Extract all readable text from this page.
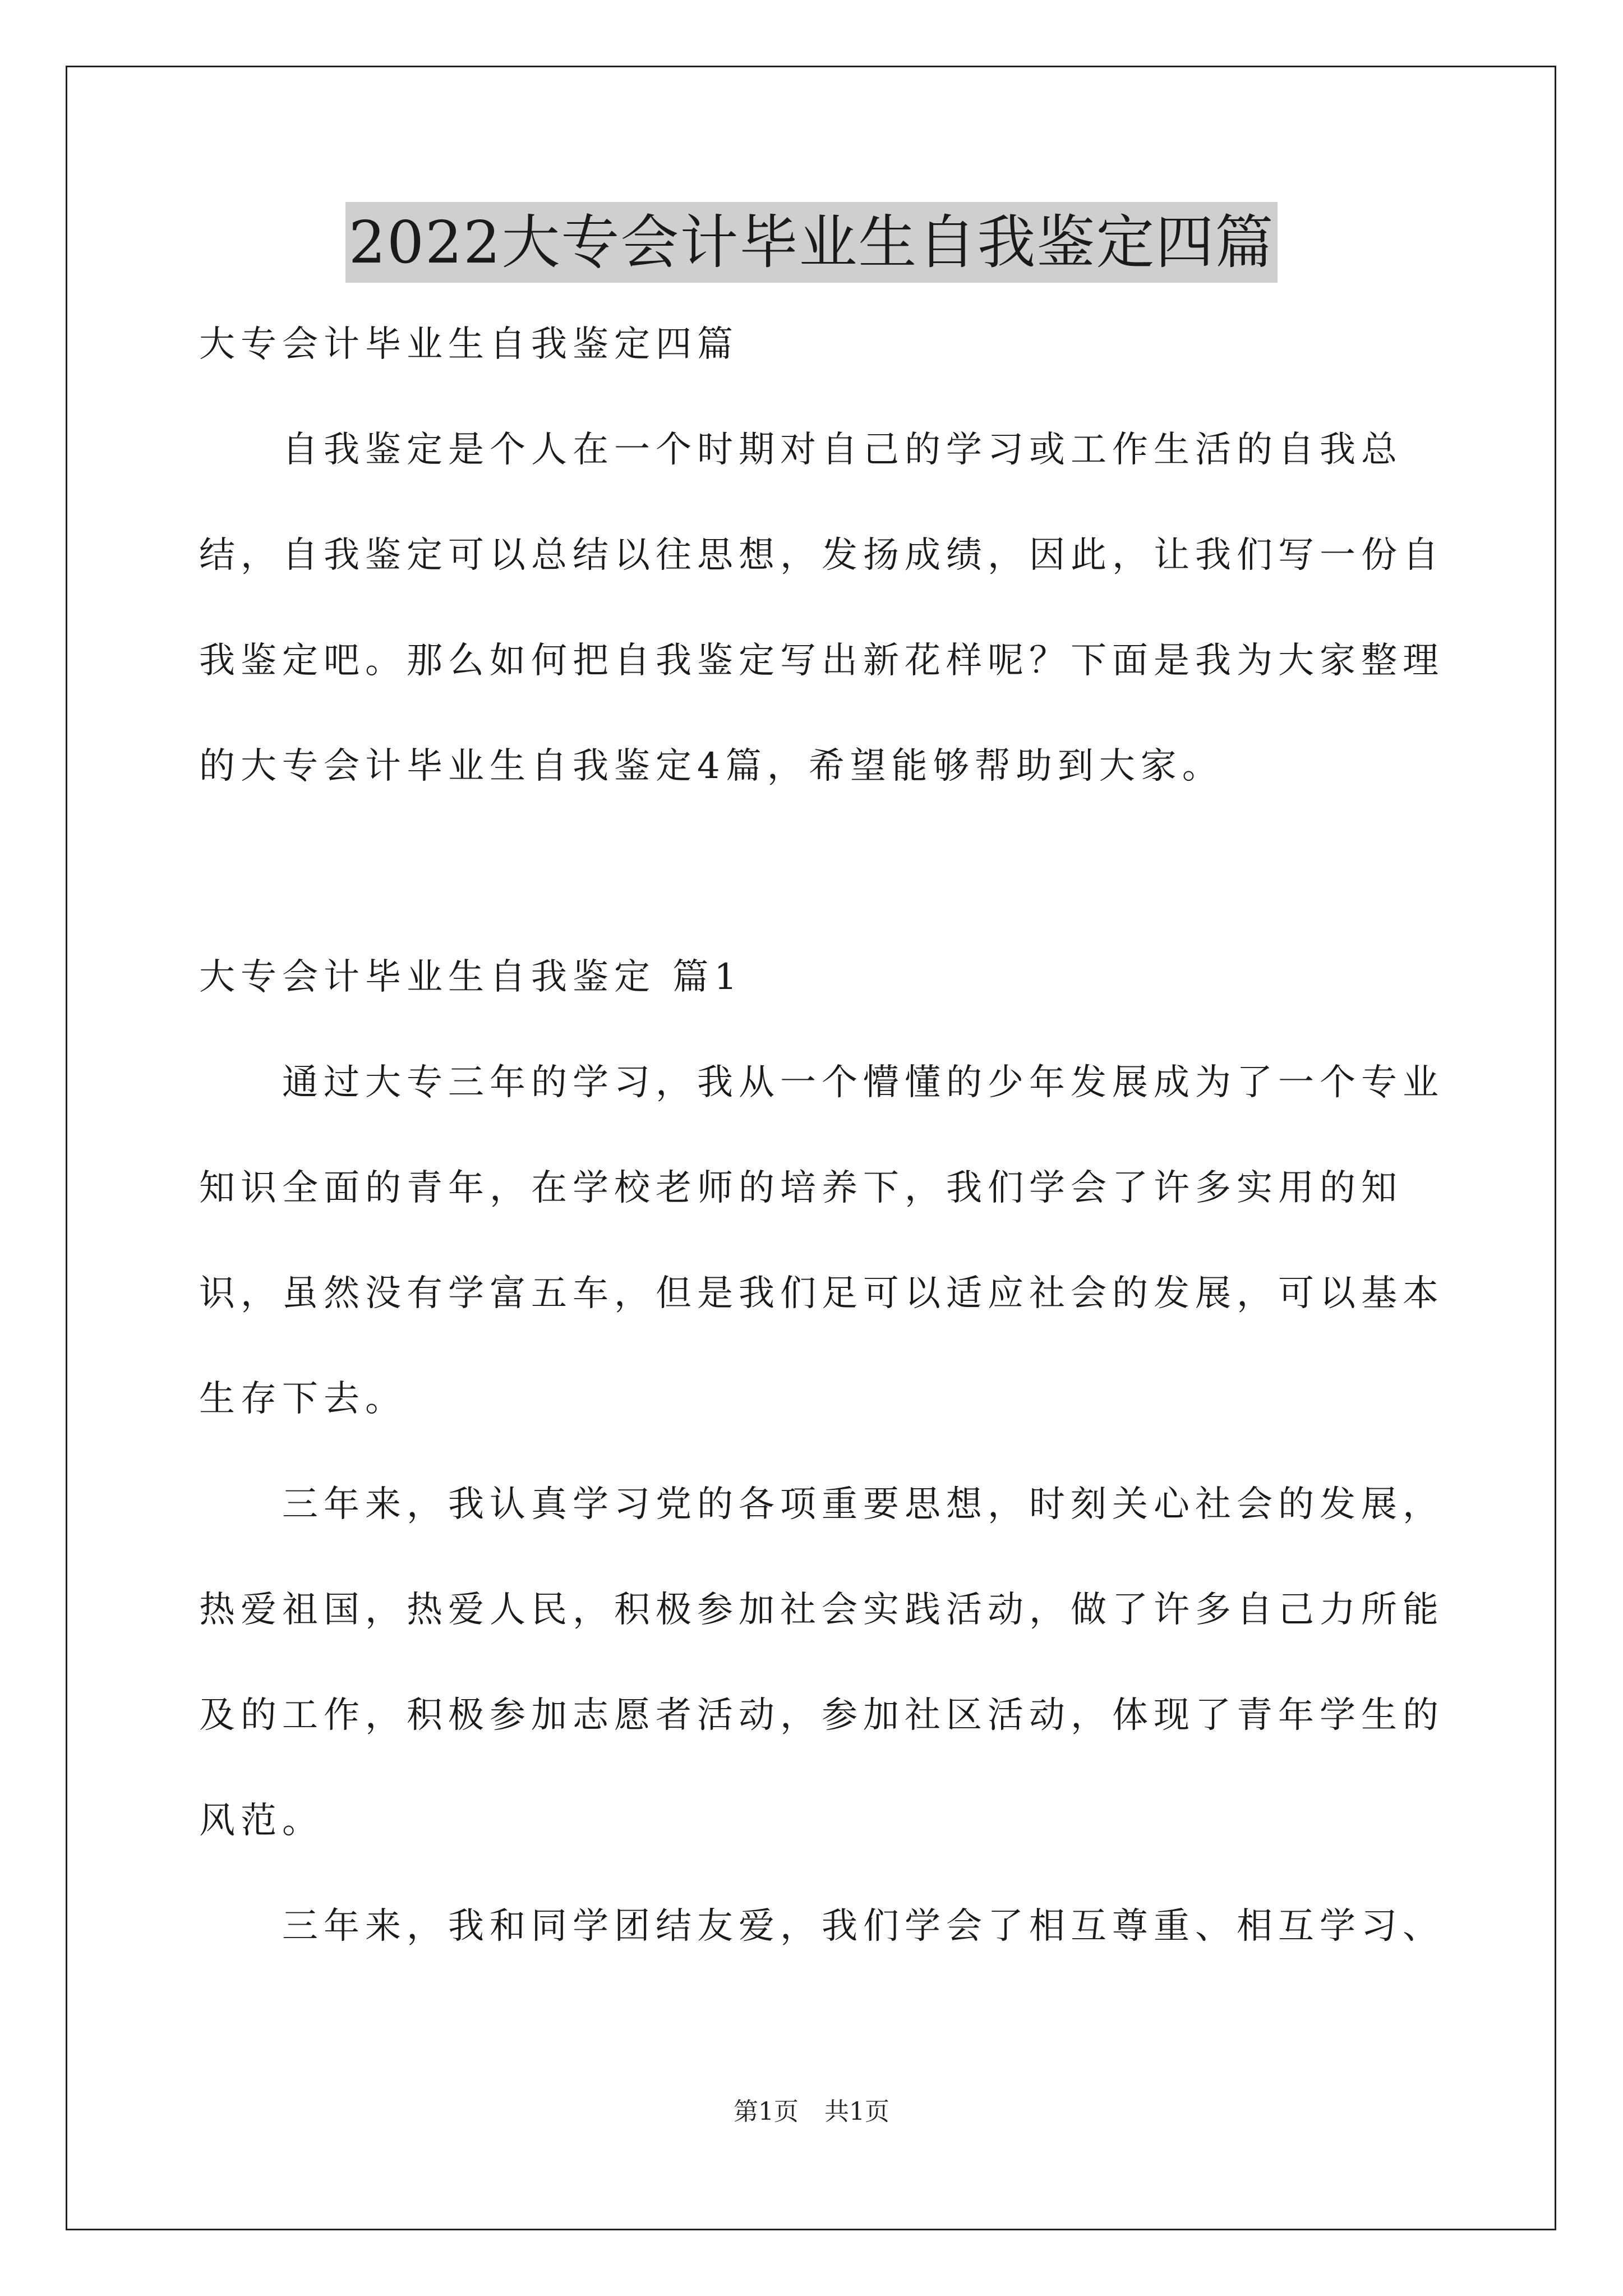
2022大专会计毕业生自我鉴定四篇

大专会计毕业生自我鉴定四篇

自我鉴定是个人在一个时期对自己的学习或工作生活的自我总结，自我鉴定可以总结以往思想，发扬成绩，因此，让我们写一份自我鉴定吧。那么如何把自我鉴定写出新花样呢？下面是我为大家整理的大专会计毕业生自我鉴定4篇，希望能够帮助到大家。

大专会计毕业生自我鉴定 篇1

通过大专三年的学习，我从一个懵懂的少年发展成为了一个专业知识全面的青年，在学校老师的培养下，我们学会了许多实用的知识，虽然没有学富五车，但是我们足可以适应社会的发展，可以基本生存下去。

三年来，我认真学习党的各项重要思想，时刻关心社会的发展，热爱祖国，热爱人民，积极参加社会实践活动，做了许多自己力所能及的工作，积极参加志愿者活动，参加社区活动，体现了青年学生的风范。

三年来，我和同学团结友爱，我们学会了相互尊重、相互学习、

第1页 共1页
